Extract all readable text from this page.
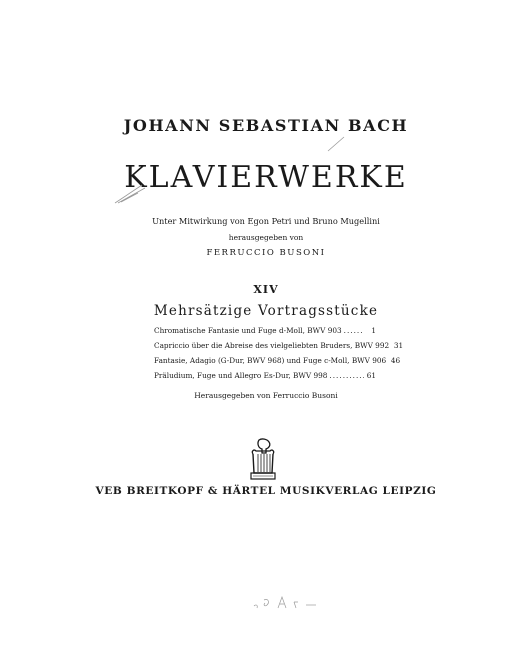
JOHANN SEBASTIAN BACH
KLAVIERWERKE
Unter Mitwirkung von Egon Petri und Bruno Mugellini
herausgegeben von
FERRUCCIO BUSONI
XIV
Mehrsätzige Vortragsstücke
Chromatische Fantasie und Fuge d-Moll, BWV 903 .....	1
Capriccio über die Abreise des vielgeliebten Bruders, BWV 992 31
Fantasie, Adagio (G-Dur, BWV 968) und Fuge c-Moll, BWV 906 46
Präludium, Fuge und Allegro Es-Dur, BWV 998 .....	61
Herausgegeben von Ferruccio Busoni
VEB BREITKOPF & HÄRTEL MUSIKVERLAG LEIPZIG
